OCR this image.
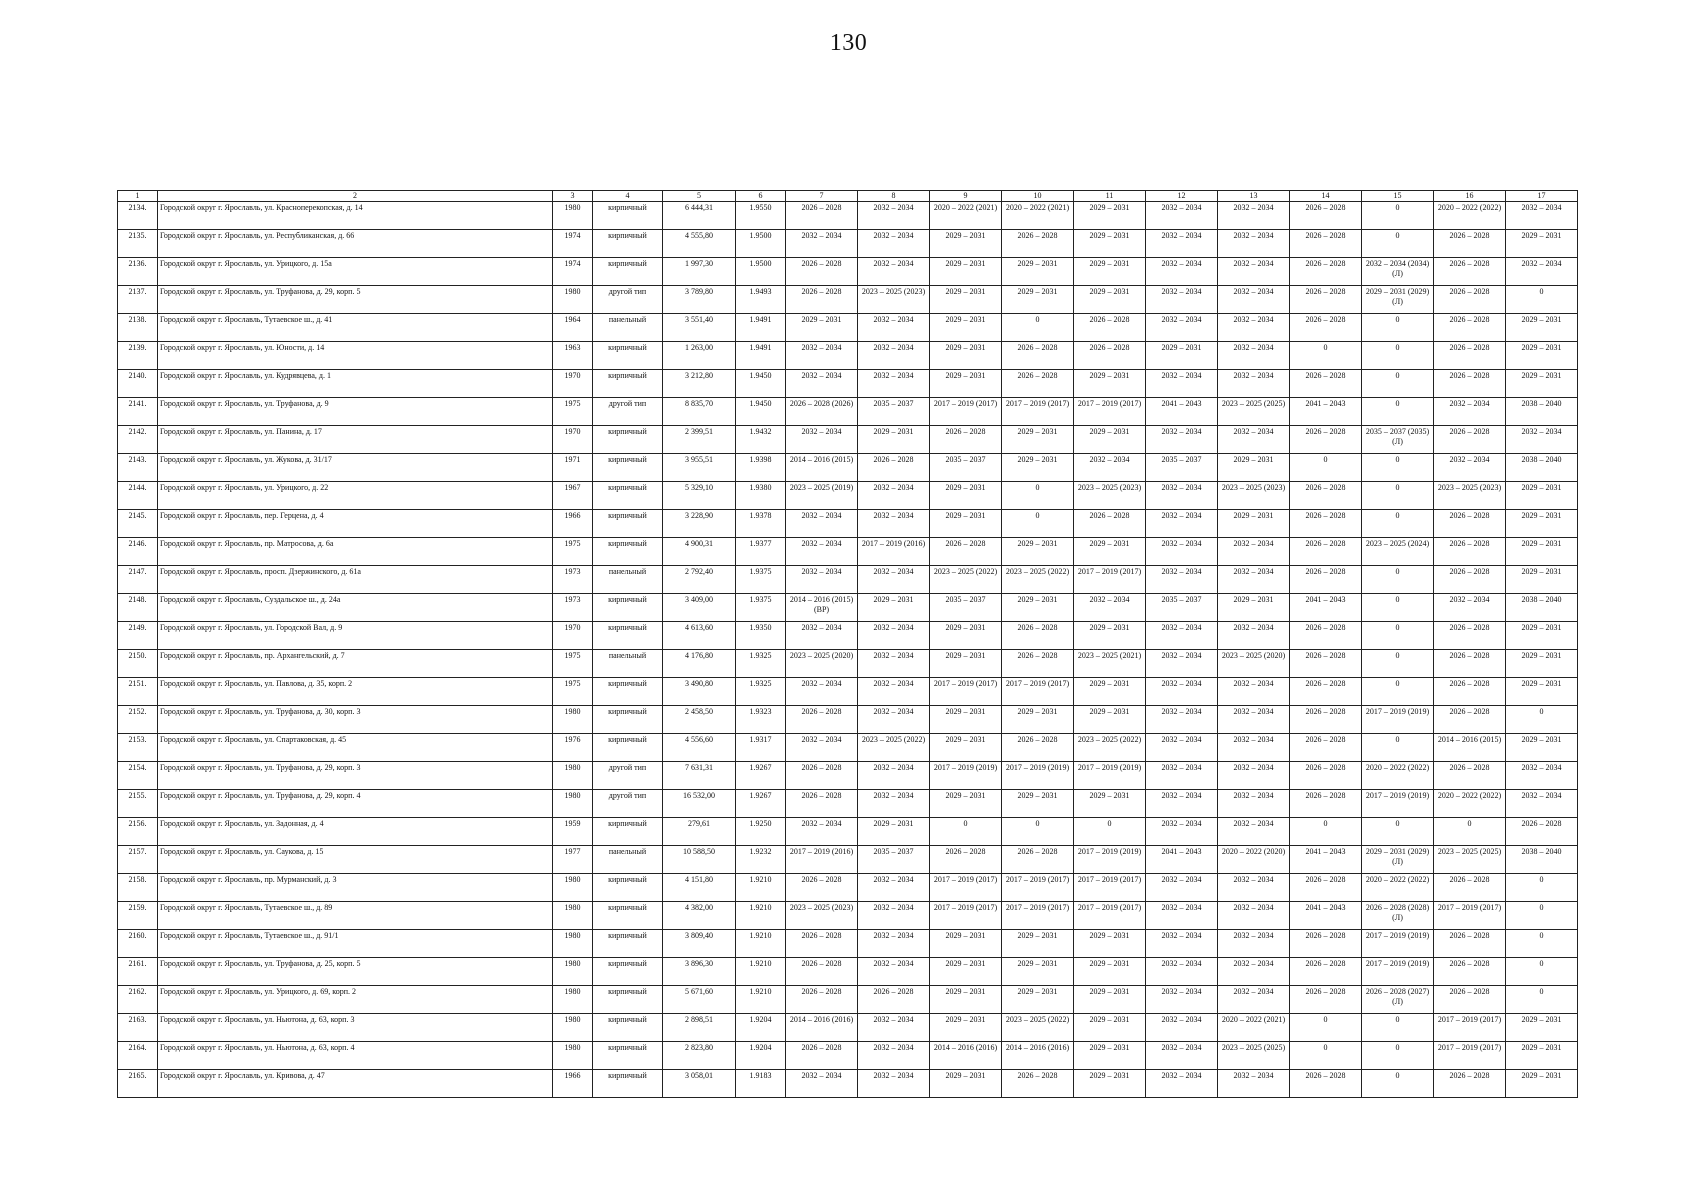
130
1	2	3	4	5	6	7	8	9	10	11	12	13	14	15	16	17
2134.	Городской округ г. Ярославль, ул. Красноперекопская, д. 14	1980	кирпичный	6 444,31	1.9550	2026 – 2028	2032 – 2034	2020 – 2022 (2021)	2020 – 2022 (2021)	2029 – 2031	2032 – 2034	2032 – 2034	2026 – 2028	0	2020 – 2022 (2022)	2032 – 2034
2135.	Городской округ г. Ярославль, ул. Республиканская, д. 66	1974	кирпичный	4 555,80	1.9500	2032 – 2034	2032 – 2034	2029 – 2031	2026 – 2028	2029 – 2031	2032 – 2034	2032 – 2034	2026 – 2028	0	2026 – 2028	2029 – 2031
2136.	Городской округ г. Ярославль, ул. Урицкого, д. 15а	1974	кирпичный	1 997,30	1.9500	2026 – 2028	2032 – 2034	2029 – 2031	2029 – 2031	2029 – 2031	2032 – 2034	2032 – 2034	2026 – 2028	2032 – 2034 (2034) (Л)	2026 – 2028	2032 – 2034
2137.	Городской округ г. Ярославль, ул. Труфанова, д. 29, корп. 5	1980	другой тип	3 789,80	1.9493	2026 – 2028	2023 – 2025 (2023)	2029 – 2031	2029 – 2031	2029 – 2031	2032 – 2034	2032 – 2034	2026 – 2028	2029 – 2031 (2029) (Л)	2026 – 2028	0
2138.	Городской округ г. Ярославль, Тутаевское ш., д. 41	1964	панельный	3 551,40	1.9491	2029 – 2031	2032 – 2034	2029 – 2031	0	2026 – 2028	2032 – 2034	2032 – 2034	2026 – 2028	0	2026 – 2028	2029 – 2031
2139.	Городской округ г. Ярославль, ул. Юности, д. 14	1963	кирпичный	1 263,00	1.9491	2032 – 2034	2032 – 2034	2029 – 2031	2026 – 2028	2026 – 2028	2029 – 2031	2032 – 2034	0	0	2026 – 2028	2029 – 2031
2140.	Городской округ г. Ярославль, ул. Кудрявцева, д. 1	1970	кирпичный	3 212,80	1.9450	2032 – 2034	2032 – 2034	2029 – 2031	2026 – 2028	2029 – 2031	2032 – 2034	2032 – 2034	2026 – 2028	0	2026 – 2028	2029 – 2031
2141.	Городской округ г. Ярославль, ул. Труфанова, д. 9	1975	другой тип	8 835,70	1.9450	2026 – 2028 (2026)	2035 – 2037	2017 – 2019 (2017)	2017 – 2019 (2017)	2017 – 2019 (2017)	2041 – 2043	2023 – 2025 (2025)	2041 – 2043	0	2032 – 2034	2038 – 2040
2142.	Городской округ г. Ярославль, ул. Панина, д. 17	1970	кирпичный	2 399,51	1.9432	2032 – 2034	2029 – 2031	2026 – 2028	2029 – 2031	2029 – 2031	2032 – 2034	2032 – 2034	2026 – 2028	2035 – 2037 (2035) (Л)	2026 – 2028	2032 – 2034
2143.	Городской округ г. Ярославль, ул. Жукова, д. 31/17	1971	кирпичный	3 955,51	1.9398	2014 – 2016 (2015)	2026 – 2028	2035 – 2037	2029 – 2031	2032 – 2034	2035 – 2037	2029 – 2031	0	0	2032 – 2034	2038 – 2040
2144.	Городской округ г. Ярославль, ул. Урицкого, д. 22	1967	кирпичный	5 329,10	1.9380	2023 – 2025 (2019)	2032 – 2034	2029 – 2031	0	2023 – 2025 (2023)	2032 – 2034	2023 – 2025 (2023)	2026 – 2028	0	2023 – 2025 (2023)	2029 – 2031
2145.	Городской округ г. Ярославль, пер. Герцена, д. 4	1966	кирпичный	3 228,90	1.9378	2032 – 2034	2032 – 2034	2029 – 2031	0	2026 – 2028	2032 – 2034	2029 – 2031	2026 – 2028	0	2026 – 2028	2029 – 2031
2146.	Городской округ г. Ярославль, пр. Матросова, д. 6а	1975	кирпичный	4 900,31	1.9377	2032 – 2034	2017 – 2019 (2016)	2026 – 2028	2029 – 2031	2029 – 2031	2032 – 2034	2032 – 2034	2026 – 2028	2023 – 2025 (2024)	2026 – 2028	2029 – 2031
2147.	Городской округ г. Ярославль, просп. Дзержинского, д. 61а	1973	панельный	2 792,40	1.9375	2032 – 2034	2032 – 2034	2023 – 2025 (2022)	2023 – 2025 (2022)	2017 – 2019 (2017)	2032 – 2034	2032 – 2034	2026 – 2028	0	2026 – 2028	2029 – 2031
2148.	Городской округ г. Ярославль, Суздальское ш., д. 24а	1973	кирпичный	3 409,00	1.9375	2014 – 2016 (2015) (ВР)	2029 – 2031	2035 – 2037	2029 – 2031	2032 – 2034	2035 – 2037	2029 – 2031	2041 – 2043	0	2032 – 2034	2038 – 2040
2149.	Городской округ г. Ярославль, ул. Городской Вал, д. 9	1970	кирпичный	4 613,60	1.9350	2032 – 2034	2032 – 2034	2029 – 2031	2026 – 2028	2029 – 2031	2032 – 2034	2032 – 2034	2026 – 2028	0	2026 – 2028	2029 – 2031
2150.	Городской округ г. Ярославль, пр. Архангельский, д. 7	1975	панельный	4 176,80	1.9325	2023 – 2025 (2020)	2032 – 2034	2029 – 2031	2026 – 2028	2023 – 2025 (2021)	2032 – 2034	2023 – 2025 (2020)	2026 – 2028	0	2026 – 2028	2029 – 2031
2151.	Городской округ г. Ярославль, ул. Павлова, д. 35, корп. 2	1975	кирпичный	3 490,80	1.9325	2032 – 2034	2032 – 2034	2017 – 2019 (2017)	2017 – 2019 (2017)	2029 – 2031	2032 – 2034	2032 – 2034	2026 – 2028	0	2026 – 2028	2029 – 2031
2152.	Городской округ г. Ярославль, ул. Труфанова, д. 30, корп. 3	1980	кирпичный	2 458,50	1.9323	2026 – 2028	2032 – 2034	2029 – 2031	2029 – 2031	2029 – 2031	2032 – 2034	2032 – 2034	2026 – 2028	2017 – 2019 (2019)	2026 – 2028	0
2153.	Городской округ г. Ярославль, ул. Спартаковская, д. 45	1976	кирпичный	4 556,60	1.9317	2032 – 2034	2023 – 2025 (2022)	2029 – 2031	2026 – 2028	2023 – 2025 (2022)	2032 – 2034	2032 – 2034	2026 – 2028	0	2014 – 2016 (2015)	2029 – 2031
2154.	Городской округ г. Ярославль, ул. Труфанова, д. 29, корп. 3	1980	другой тип	7 631,31	1.9267	2026 – 2028	2032 – 2034	2017 – 2019 (2019)	2017 – 2019 (2019)	2017 – 2019 (2019)	2032 – 2034	2032 – 2034	2026 – 2028	2020 – 2022 (2022)	2026 – 2028	2032 – 2034
2155.	Городской округ г. Ярославль, ул. Труфанова, д. 29, корп. 4	1980	другой тип	16 532,00	1.9267	2026 – 2028	2032 – 2034	2029 – 2031	2029 – 2031	2029 – 2031	2032 – 2034	2032 – 2034	2026 – 2028	2017 – 2019 (2019)	2020 – 2022 (2022)	2032 – 2034
2156.	Городской округ г. Ярославль, ул. Задонная, д. 4	1959	кирпичный	279,61	1.9250	2032 – 2034	2029 – 2031	0	0	0	2032 – 2034	2032 – 2034	0	0	0	2026 – 2028
2157.	Городской округ г. Ярославль, ул. Саукова, д. 15	1977	панельный	10 588,50	1.9232	2017 – 2019 (2016)	2035 – 2037	2026 – 2028	2026 – 2028	2017 – 2019 (2019)	2041 – 2043	2020 – 2022 (2020)	2041 – 2043	2029 – 2031 (2029) (Л)	2023 – 2025 (2025)	2038 – 2040
2158.	Городской округ г. Ярославль, пр. Мурманский, д. 3	1980	кирпичный	4 151,80	1.9210	2026 – 2028	2032 – 2034	2017 – 2019 (2017)	2017 – 2019 (2017)	2017 – 2019 (2017)	2032 – 2034	2032 – 2034	2026 – 2028	2020 – 2022 (2022)	2026 – 2028	0
2159.	Городской округ г. Ярославль, Тутаевское ш., д. 89	1980	кирпичный	4 382,00	1.9210	2023 – 2025 (2023)	2032 – 2034	2017 – 2019 (2017)	2017 – 2019 (2017)	2017 – 2019 (2017)	2032 – 2034	2032 – 2034	2041 – 2043	2026 – 2028 (2028) (Л)	2017 – 2019 (2017)	0
2160.	Городской округ г. Ярославль, Тутаевское ш., д. 91/1	1980	кирпичный	3 809,40	1.9210	2026 – 2028	2032 – 2034	2029 – 2031	2029 – 2031	2029 – 2031	2032 – 2034	2032 – 2034	2026 – 2028	2017 – 2019 (2019)	2026 – 2028	0
2161.	Городской округ г. Ярославль, ул. Труфанова, д. 25, корп. 5	1980	кирпичный	3 896,30	1.9210	2026 – 2028	2032 – 2034	2029 – 2031	2029 – 2031	2029 – 2031	2032 – 2034	2032 – 2034	2026 – 2028	2017 – 2019 (2019)	2026 – 2028	0
2162.	Городской округ г. Ярославль, ул. Урицкого, д. 69, корп. 2	1980	кирпичный	5 671,60	1.9210	2026 – 2028	2026 – 2028	2029 – 2031	2029 – 2031	2029 – 2031	2032 – 2034	2032 – 2034	2026 – 2028	2026 – 2028 (2027) (Л)	2026 – 2028	0
2163.	Городской округ г. Ярославль, ул. Ньютона, д. 63, корп. 3	1980	кирпичный	2 898,51	1.9204	2014 – 2016 (2016)	2032 – 2034	2029 – 2031	2023 – 2025 (2022)	2029 – 2031	2032 – 2034	2020 – 2022 (2021)	0	0	2017 – 2019 (2017)	2029 – 2031
2164.	Городской округ г. Ярославль, ул. Ньютона, д. 63, корп. 4	1980	кирпичный	2 823,80	1.9204	2026 – 2028	2032 – 2034	2014 – 2016 (2016)	2014 – 2016 (2016)	2029 – 2031	2032 – 2034	2023 – 2025 (2025)	0	0	2017 – 2019 (2017)	2029 – 2031
2165.	Городской округ г. Ярославль, ул. Кривова, д. 47	1966	кирпичный	3 058,01	1.9183	2032 – 2034	2032 – 2034	2029 – 2031	2026 – 2028	2029 – 2031	2032 – 2034	2032 – 2034	2026 – 2028	0	2026 – 2028	2029 – 2031
